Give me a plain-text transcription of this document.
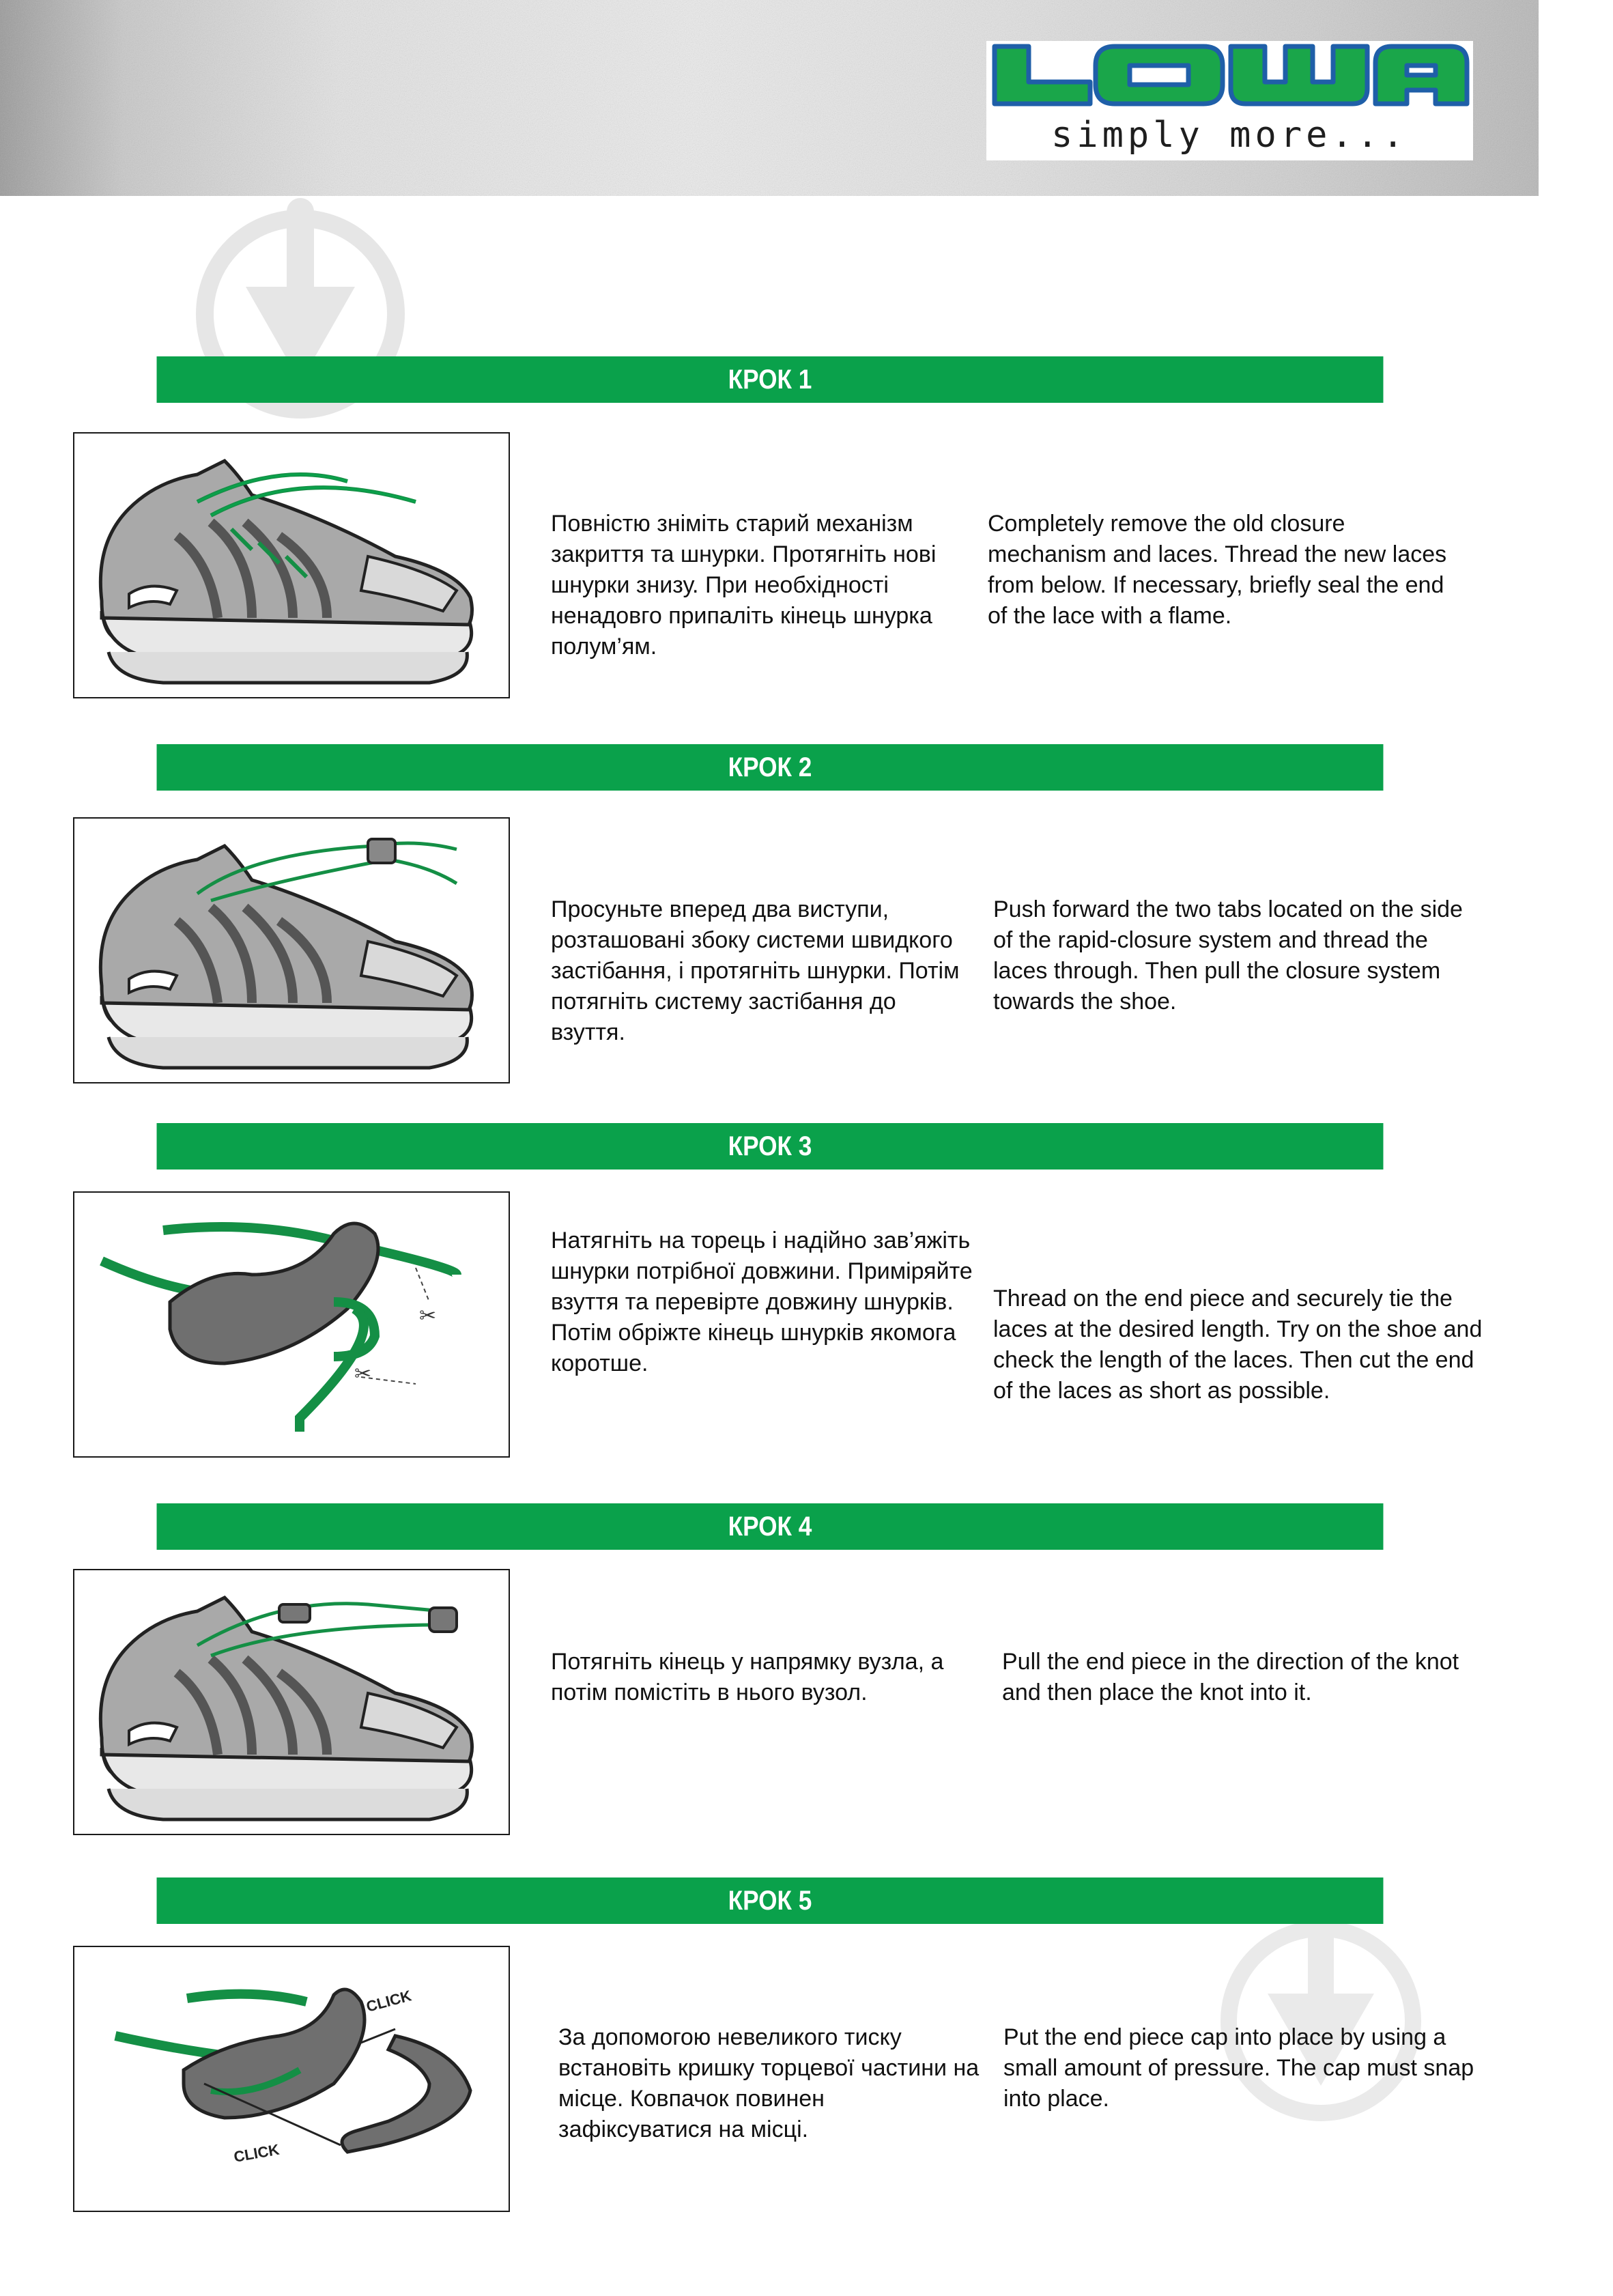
simply more...
КРОК 1
Повністю зніміть старий механізм закриття та шнурки. Протягніть нові шнурки знизу. При необхідності ненадовго припаліть кінець шнурка полум’ям.
Completely remove the old closure mechanism and laces. Thread the new laces from below. If necessary, briefly seal the end of the lace with a flame.
КРОК 2
Просуньте вперед два виступи, розташовані збоку системи швидкого застібання, і протягніть шнурки. Потім потягніть систему застібання до взуття.
Push forward the two tabs located on the side of the rapid-closure system and thread the laces through. Then pull the closure system towards the shoe.
КРОК 3
✂
✂
Натягніть на торець і надійно зав’яжіть шнурки потрібної довжини. Приміряйте взуття та перевірте довжину шнурків. Потім обріжте кінець шнурків якомога коротше.
Thread on the end piece and securely tie the laces at the desired length. Try on the shoe and check the length of the laces. Then cut the end of the laces as short as possible.
КРОК 4
Потягніть кінець у напрямку вузла, а потім помістіть в нього вузол.
Pull the end piece in the direction of the knot and then place the knot into it.
КРОК 5
CLICK
CLICK
За допомогою невеликого тиску встановіть кришку торцевої частини на місце. Ковпачок повинен зафіксуватися на місці.
Put the end piece cap into place by using a small amount of pressure. The cap must snap into place.
